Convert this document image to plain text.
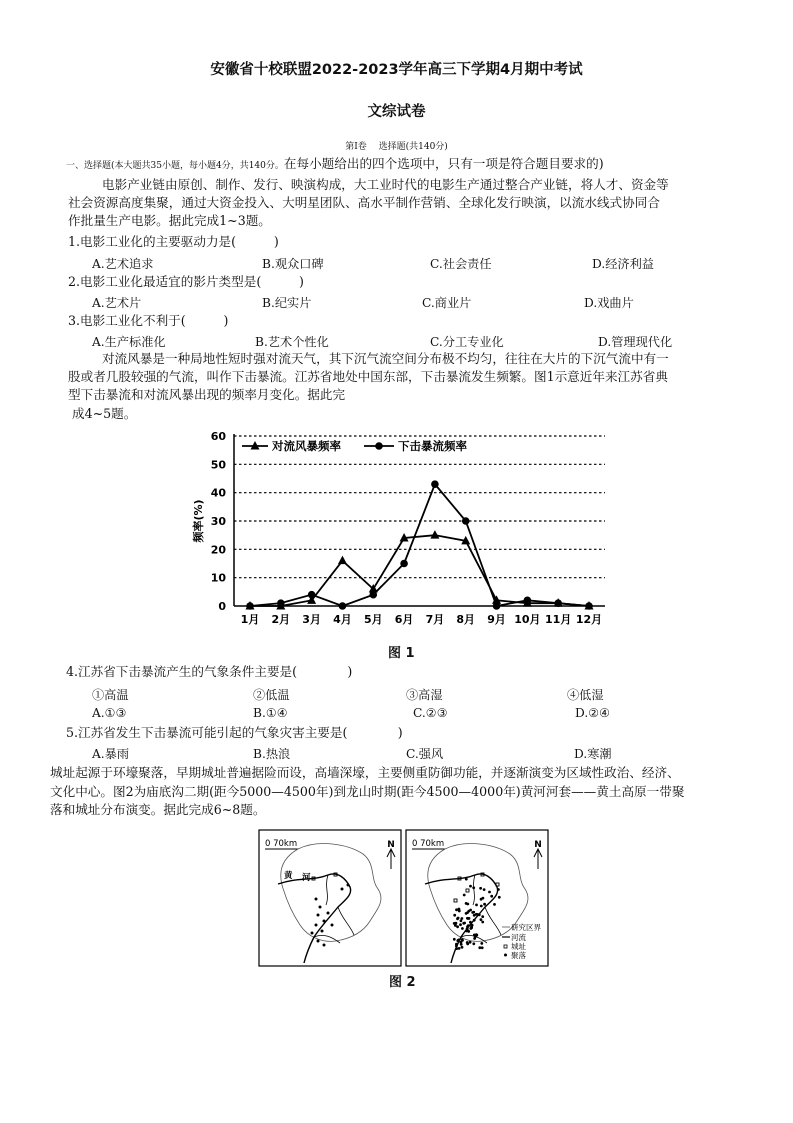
安徽省十校联盟2022-2023学年高三下学期4月期中考试
文综试卷
第Ⅰ卷　 选择题(共140分)
一、选择题(本大题共35小题，每小题4分，共140分。在每小题给出的四个选项中，只有一项是符合题目要求的)
电影产业链由原创、制作、发行、映演构成，大工业时代的电影生产通过整合产业链，将人才、资金等
社会资源高度集聚，通过大资金投入、大明星团队、高水平制作营销、全球化发行映演，以流水线式协同合
作批量生产电影。据此完成1~3题。
1.电影工业化的主要驱动力是(　　　)
A.艺术追求	B.观众口碑	C.社会责任	D.经济利益
2.电影工业化最适宜的影片类型是(　　　)
A.艺术片	B.纪实片	C.商业片	D.戏曲片
3.电影工业化不利于(　　　)
A.生产标准化	B.艺术个性化	C.分工专业化	D.管理现代化
对流风暴是一种局地性短时强对流天气，其下沉气流空间分布极不均匀，往往在大片的下沉气流中有一
股或者几股较强的气流，叫作下击暴流。江苏省地处中国东部，下击暴流发生频繁。图1示意近年来江苏省典
型下击暴流和对流风暴出现的频率月变化。据此完
成4~5题。
0
10
20
30
40
50
60
频率(%)
1月 2月 3月 4月 5月 6月 7月 8月 9月 10月 11月 12月
对流风暴频率	下击暴流频率
图 1
4.江苏省下击暴流产生的气象条件主要是(　　　　)
①高温	②低温	③高湿	④低湿
A.①③	B.①④	C.②③	D.②④
5.江苏省发生下击暴流可能引起的气象灾害主要是(　　　　)
A.暴雨	B.热浪	C.强风	D.寒潮
城址起源于环壕聚落，早期城址普遍据险而设，高墙深壕，主要侧重防御功能，并逐渐演变为区域性政治、经济、
文化中心。图2为庙底沟二期(距今5000—4500年)到龙山时期(距今4500—4000年)黄河河套——黄土高原一带聚
落和城址分布演变。据此完成6~8题。
0 70km	N
黄 河
0 70km	N
研究区界
河流
城址
聚落
图 2
